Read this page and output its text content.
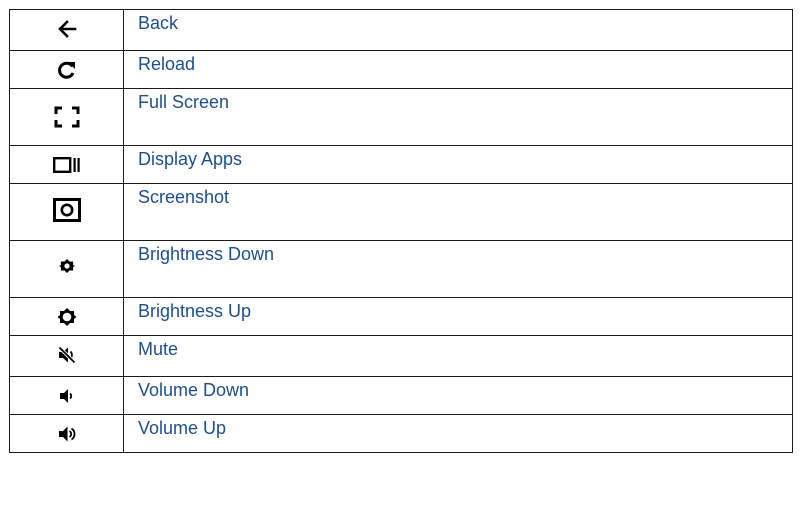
Back

Reload

Full Screen

Display Apps

Screenshot

Brightness Down

Brightness Up

Mute

Volume Down

Volume Up
